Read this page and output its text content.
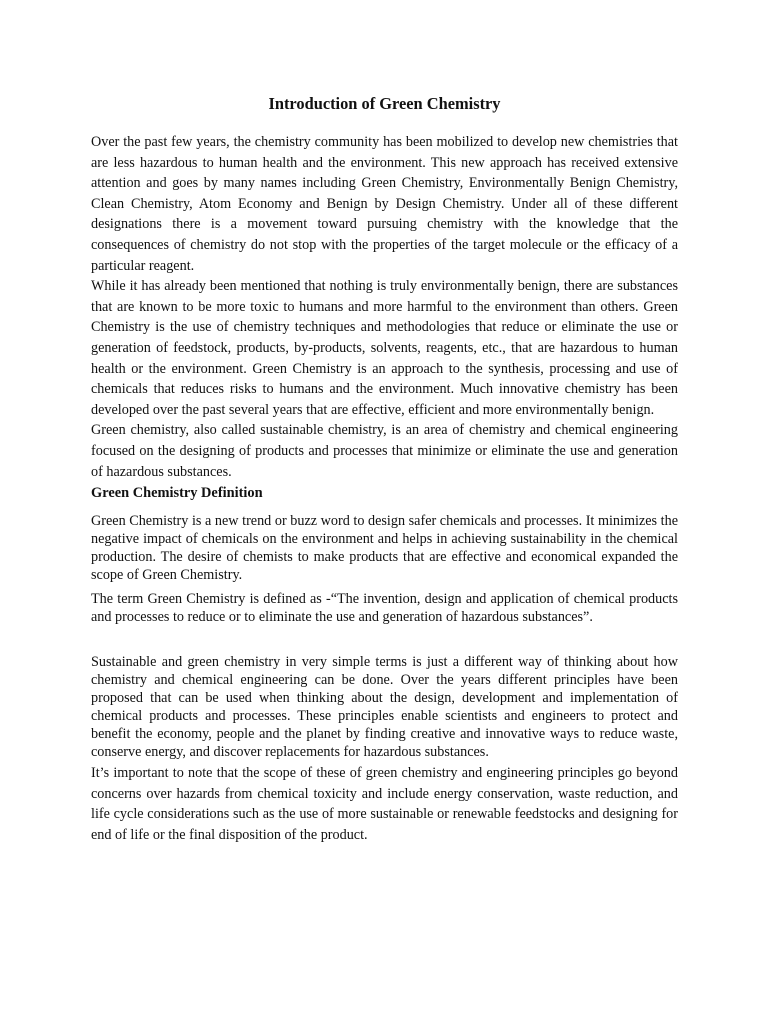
Introduction of Green Chemistry

Over the past few years, the chemistry community has been mobilized to develop new chemistries that are less hazardous to human health and the environment. This new approach has received extensive attention and goes by many names including Green Chemistry, Environmentally Benign Chemistry, Clean Chemistry, Atom Economy and Benign by Design Chemistry. Under all of these different designations there is a movement toward pursuing chemistry with the knowledge that the consequences of chemistry do not stop with the properties of the target molecule or the efficacy of a particular reagent.

While it has already been mentioned that nothing is truly environmentally benign, there are substances that are known to be more toxic to humans and more harmful to the environment than others. Green Chemistry is the use of chemistry techniques and methodologies that reduce or eliminate the use or generation of feedstock, products, by-products, solvents, reagents, etc., that are hazardous to human health or the environment. Green Chemistry is an approach to the synthesis, processing and use of chemicals that reduces risks to humans and the environment. Much innovative chemistry has been developed over the past several years that are effective, efficient and more environmentally benign.

Green chemistry, also called sustainable chemistry, is an area of chemistry and chemical engineering focused on the designing of products and processes that minimize or eliminate the use and generation of hazardous substances.

Green Chemistry Definition

Green Chemistry is a new trend or buzz word to design safer chemicals and processes. It minimizes the negative impact of chemicals on the environment and helps in achieving sustainability in the chemical production. The desire of chemists to make products that are effective and economical expanded the scope of Green Chemistry.

The term Green Chemistry is defined as -“The invention, design and application of chemical products and processes to reduce or to eliminate the use and generation of hazardous substances”.

Sustainable and green chemistry in very simple terms is just a different way of thinking about how chemistry and chemical engineering can be done. Over the years different principles have been proposed that can be used when thinking about the design, development and implementation of chemical products and processes. These principles enable scientists and engineers to protect and benefit the economy, people and the planet by finding creative and innovative ways to reduce waste, conserve energy, and discover replacements for hazardous substances.

It’s important to note that the scope of these of green chemistry and engineering principles go beyond concerns over hazards from chemical toxicity and include energy conservation, waste reduction, and life cycle considerations such as the use of more sustainable or renewable feedstocks and designing for end of life or the final disposition of the product.
